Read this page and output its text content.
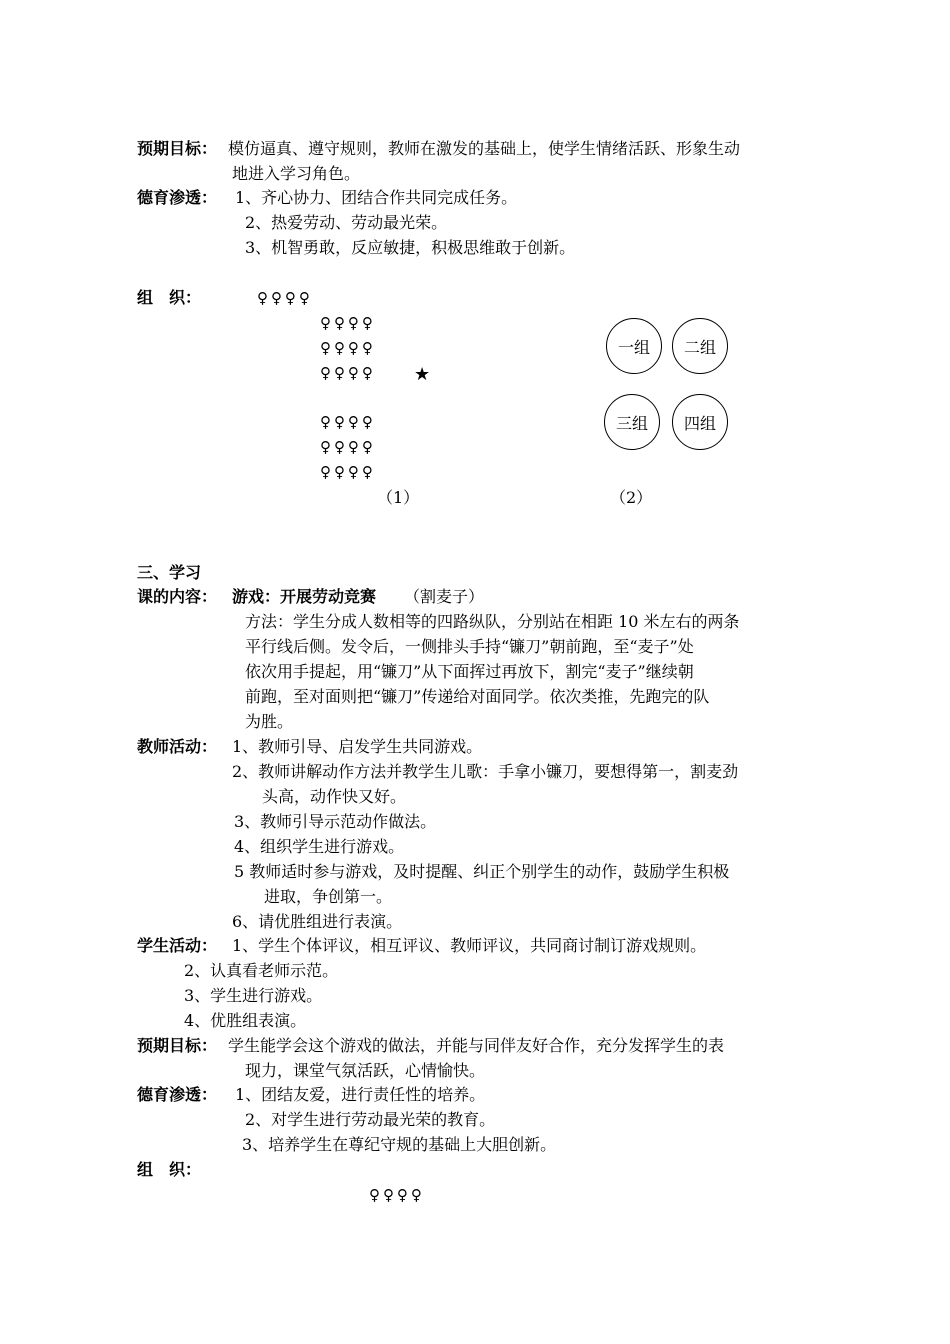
预期目标： 模仿逼真、遵守规则，教师在激发的基础上，使学生情绪活跃、形象生动
地进入学习角色。
德育渗透： 1、齐心协力、团结合作共同完成任务。
2、热爱劳动、劳动最光荣。
3、机智勇敢，反应敏捷，积极思维敢于创新。
组　织：	♀♀♀♀
♀♀♀♀
♀♀♀♀
♀♀♀♀ ★
♀♀♀♀
♀♀♀♀
♀♀♀♀
（1）
一组 二组
三组 四组
（2）
三、学习
课的内容： 游戏：开展劳动竞赛 （割麦子）
方法：学生分成人数相等的四路纵队，分别站在相距 10 米左右的两条
平行线后侧。发令后，一侧排头手持“镰刀”朝前跑，至“麦子”处
依次用手提起，用“镰刀”从下面挥过再放下，割完“麦子”继续朝
前跑，至对面则把“镰刀”传递给对面同学。依次类推，先跑完的队
为胜。
教师活动： 1、教师引导、启发学生共同游戏。
2、教师讲解动作方法并教学生儿歌：手拿小镰刀，要想得第一，割麦劲
头高，动作快又好。
3、教师引导示范动作做法。
4、组织学生进行游戏。
5 教师适时参与游戏，及时提醒、纠正个别学生的动作，鼓励学生积极
进取，争创第一。
6、请优胜组进行表演。
学生活动： 1、学生个体评议，相互评议、教师评议，共同商讨制订游戏规则。
2、认真看老师示范。
3、学生进行游戏。
4、优胜组表演。
预期目标： 学生能学会这个游戏的做法，并能与同伴友好合作，充分发挥学生的表
现力，课堂气氛活跃，心情愉快。
德育渗透： 1、团结友爱，进行责任性的培养。
2、对学生进行劳动最光荣的教育。
3、培养学生在尊纪守规的基础上大胆创新。
组　织：
♀♀♀♀
